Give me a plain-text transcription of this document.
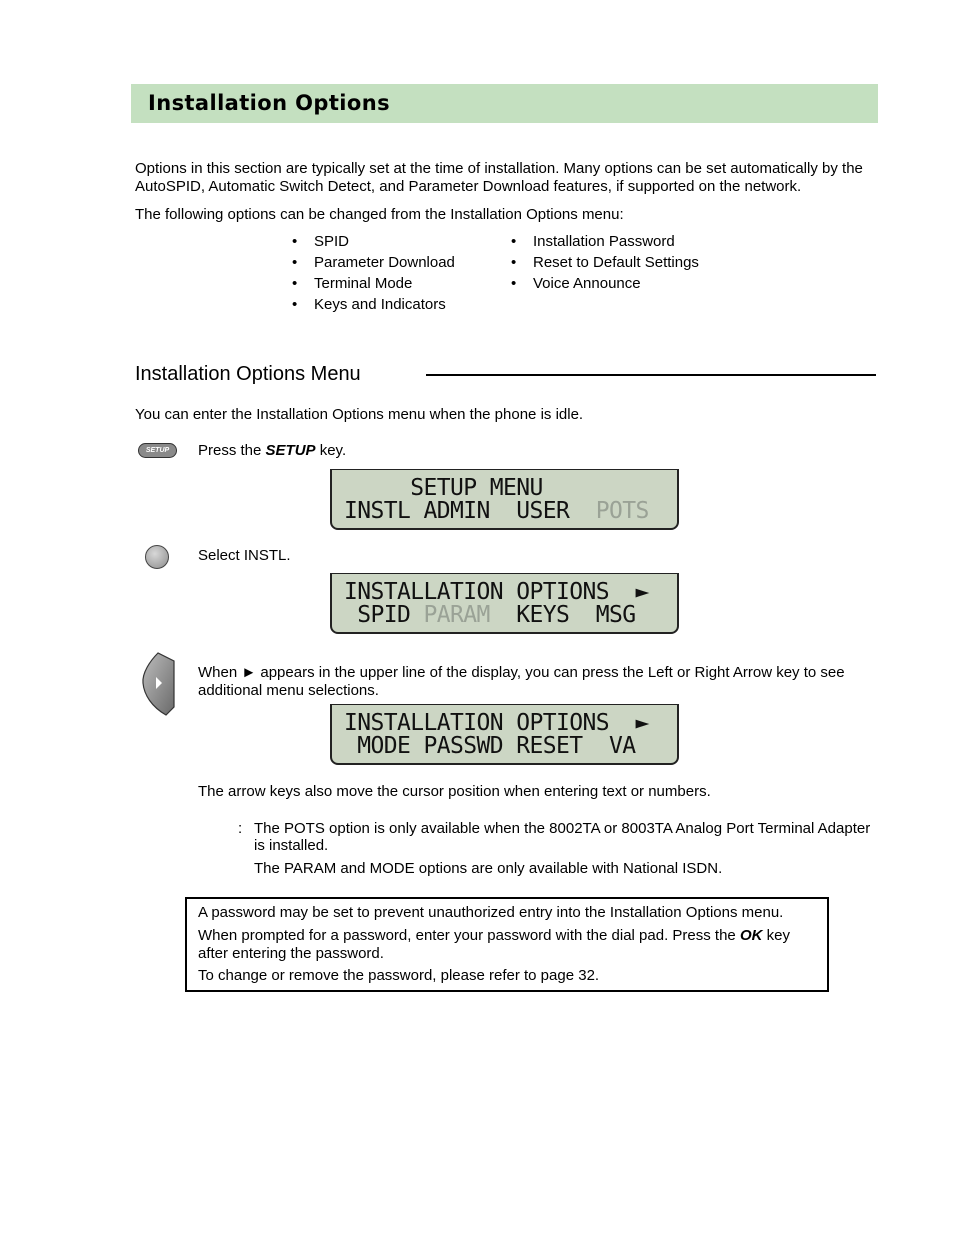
Installation Options
Options in this section are typically set at the time of installation. Many options can be set automatically by the AutoSPID, Automatic Switch Detect, and Parameter Download features, if supported on the network.
The following options can be changed from the Installation Options menu:
• SPID
• Parameter Download
• Terminal Mode
• Keys and Indicators
• Installation Password
• Reset to Default Settings
• Voice Announce
Installation Options Menu
You can enter the Installation Options menu when the phone is idle.
SETUP	Press the SETUP key.
SETUP MENU
INSTL ADMIN  USER  POTS
Select INSTL.
INSTALLATION OPTIONS  ►
SPID PARAM  KEYS  MSG
When ► appears in the upper line of the display, you can press the Left or Right Arrow key to see additional menu selections.
INSTALLATION OPTIONS  ►
MODE PASSWD RESET  VA
The arrow keys also move the cursor position when entering text or numbers.
: The POTS option is only available when the 8002TA or 8003TA Analog Port Terminal Adapter is installed.
The PARAM and MODE options are only available with National ISDN.
A password may be set to prevent unauthorized entry into the Installation Options menu.
When prompted for a password, enter your password with the dial pad. Press the OK key after entering the password.
To change or remove the password, please refer to page 32.
